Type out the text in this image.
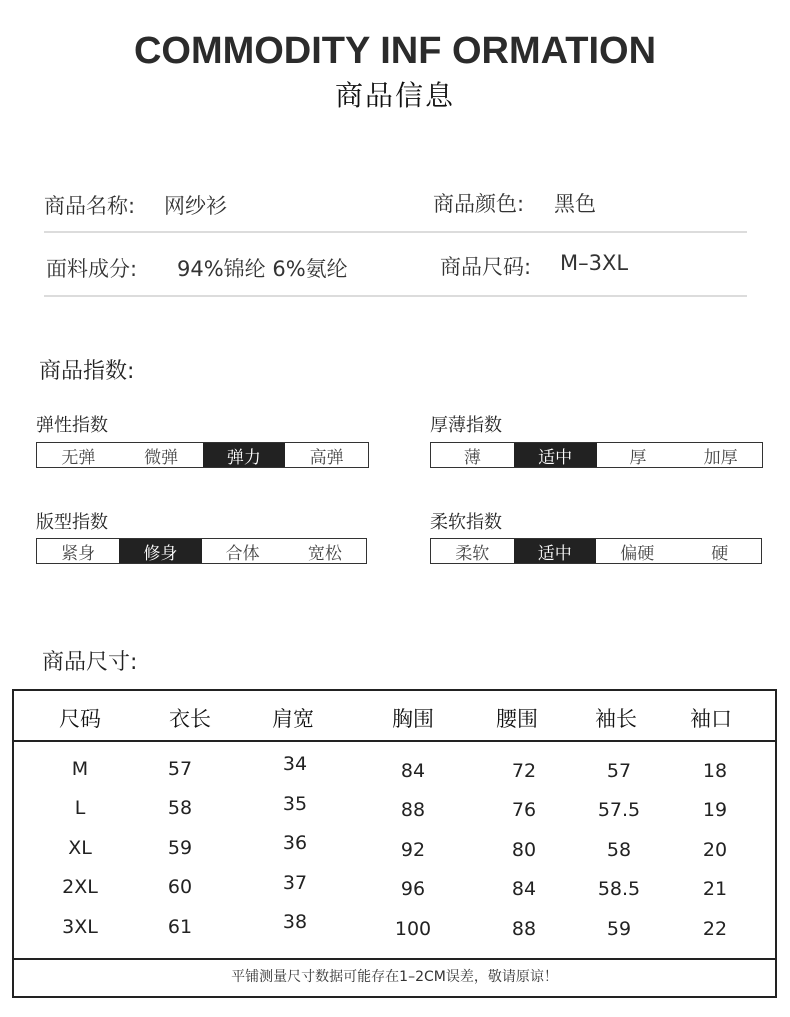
COMMODITY INF ORMATION
商品信息
商品名称: 网纱衫	商品颜色: 黑色
面料成分: 94%锦纶 6%氨纶	商品尺码: M–3XL
商品指数:
弹性指数
无弹	微弹	弹力	高弹
厚薄指数
薄	适中	厚	加厚
版型指数
紧身	修身	合体	宽松
柔软指数
柔软	适中	偏硬	硬
商品尺寸:
尺码	衣长	肩宽	胸围	腰围	袖长	袖口
M	57	34	84	72	57	18
L	58	35	88	76	57.5	19
XL	59	36	92	80	58	20
2XL	60	37	96	84	58.5	21
3XL	61	38	100	88	59	22
平铺测量尺寸数据可能存在1–2CM误差，敬请原谅！
